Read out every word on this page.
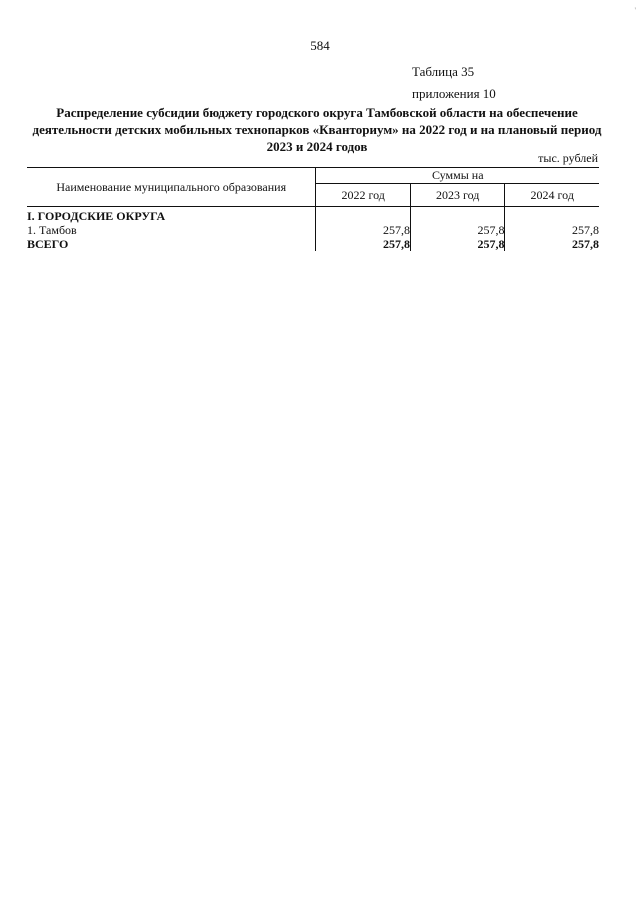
'
584
Таблица 35
приложения 10
Распределение субсидии бюджету городского округа Тамбовской области на обеспечение деятельности детских мобильных технопарков «Кванториум» на 2022 год и на плановый период 2023 и 2024 годов
тыс. рублей
Наименование муниципального образования	Суммы на		
	2022 год	2023 год	2024 год
I. ГОРОДСКИЕ ОКРУГА			
1. Тамбов	257,8	257,8	257,8
ВСЕГО	257,8	257,8	257,8
